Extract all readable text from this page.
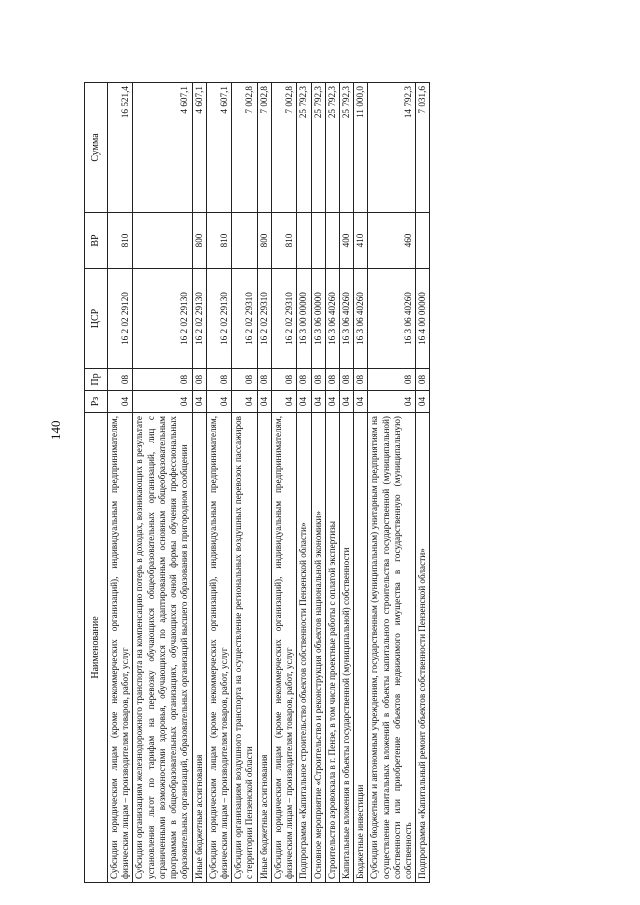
140
Наименование	Рз	Пр	ЦСР	ВР	Сумма
Субсидии юридическим лицам (кроме некоммерческих организаций), индивидуальным предпринимателям, физическим лицам – производителям товаров, работ, услуг	04	08	16 2 02 29120	810	16 521,4
Субсидии организациям железнодорожного транспорта на компенсацию потерь в доходах, возникающих в результате установления льгот по тарифам на перевозку обучающихся общеобразовательных организаций, лиц с ограниченными возможностями здоровья, обучающихся по адаптированным основным общеобразовательным программам в общеобразовательных организациях, обучающихся очной формы обучения профессиональных образовательных организаций, образовательных организаций высшего образования в пригородном сообщении	04	08	16 2 02 29130		4 607,1
Иные бюджетные ассигнования	04	08	16 2 02 29130	800	4 607,1
Субсидии юридическим лицам (кроме некоммерческих организаций), индивидуальным предпринимателям, физическим лицам – производителям товаров, работ, услуг	04	08	16 2 02 29130	810	4 607,1
Субсидии организациям воздушного транспорта на осуществление региональных воздушных перевозок пассажиров с территории Пензенской области	04	08	16 2 02 29310		7 002,8
Иные бюджетные ассигнования	04	08	16 2 02 29310	800	7 002,8
Субсидии юридическим лицам (кроме некоммерческих организаций), индивидуальным предпринимателям, физическим лицам – производителям товаров, работ, услуг	04	08	16 2 02 29310	810	7 002,8
Подпрограмма «Капитальное строительство объектов собственности Пензенской области»	04	08	16 3 00 00000		25 792,3
Основное мероприятие «Строительство и реконструкция объектов национальной экономики»	04	08	16 3 06 00000		25 792,3
Строительство аэровокзала в г. Пензе, в том числе проектные работы с оплатой экспертизы	04	08	16 3 06 40260		25 792,3
Капитальные вложения в объекты государственной (муниципальной) собственности	04	08	16 3 06 40260	400	25 792,3
Бюджетные инвестиции	04	08	16 3 06 40260	410	11 000,0
Субсидии бюджетным и автономным учреждениям, государственным (муниципальным) унитарным предприятиям на осуществление капитальных вложений в объекты капитального строительства государственной (муниципальной) собственности или приобретение объектов недвижимого имущества в государственную (муниципальную) собственность	04	08	16 3 06 40260	460	14 792,3
Подпрограмма «Капитальный ремонт объектов собственности Пензенской области»	04	08	16 4 00 00000		7 031,6
